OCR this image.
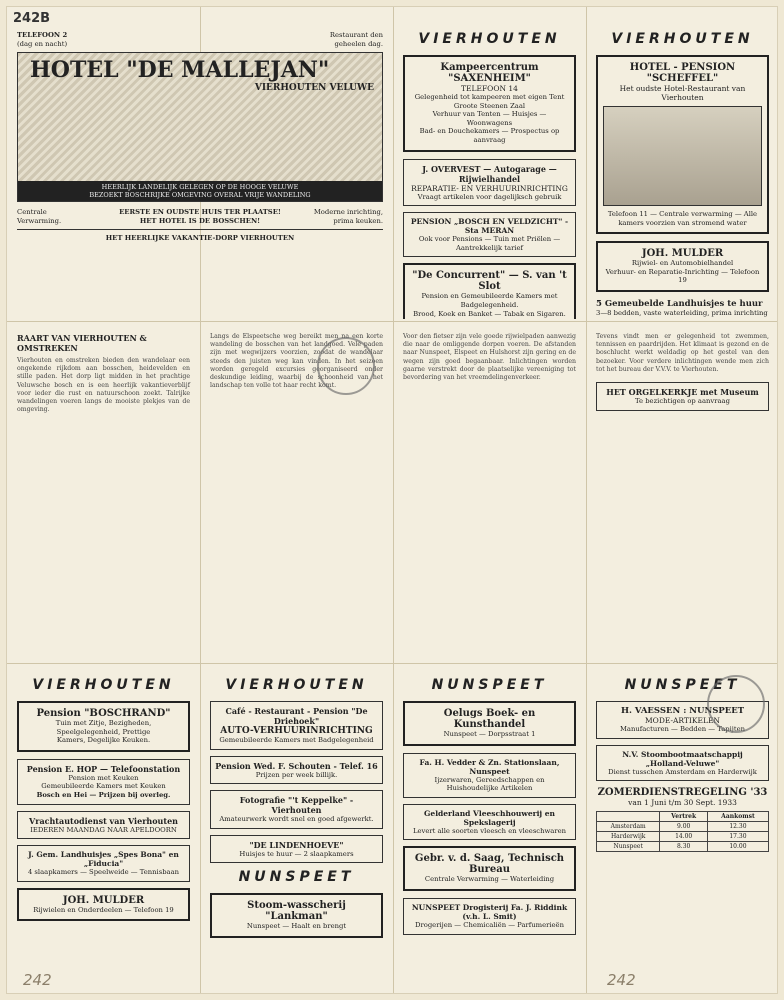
242B
TELEFOON 2
(dag en nacht)
Restaurant den
geheelen dag.
HOTEL "DE MALLEJAN"
VIERHOUTEN VELUWE
HEERLIJK LANDELIJK GELEGEN OP DE HOOGE VELUWE
BEZOEKT BOSCHRIJKE OMGEVING OVERAL VRIJE WANDELING
Centrale Verwarming.
EERSTE EN OUDSTE HUIS TER PLAATSE!
HET HOTEL IS DE BOSSCHEN!
Moderne inrichting, prima keuken.
HET HEERLIJKE VAKANTIE-DORP VIERHOUTEN
VIERHOUTEN
Kampeercentrum "SAXENHEIM"
TELEFOON 14
Gelegenheid tot kampeeren met eigen Tent
Groote Steenen Zaal
Verhuur van Tenten — Huisjes — Woonwagens
Bad- en Douchekamers — Prospectus op aanvraag
J. OVERVEST — Autogarage — Rijwielhandel
REPARATIE- EN VERHUURINRICHTING
Vraagt artikelen voor dagelijksch gebruik
PENSION „BOSCH EN VELDZICHT" - Sta MERAN
Ook voor Pensions — Tuin met Priëlen — Aantrekkelijk tarief
"De Concurrent" — S. van 't Slot
Pension en Gemeubileerde Kamers met Badgelegenheid.
Brood, Koek en Banket — Tabak en Sigaren.
VIERHOUTEN
HOTEL - PENSION "SCHEFFEL"
Het oudste Hotel-Restaurant van Vierhouten
Telefoon 11 — Centrale verwarming — Alle kamers voorzien van stromend water
JOH. MULDER
Rijwiel- en Automobielhandel
Verhuur- en Reparatie-Inrichting — Telefoon 19
5 Gemeubelde Landhuisjes te huur
3—8 bedden, vaste waterleiding, prima inrichting
RAART VAN VIERHOUTEN & OMSTREKEN
Vierhouten en omstreken bieden den wandelaar een ongekende rijkdom aan bosschen, heidevelden en stille paden. Het dorp ligt midden in het prachtige Veluwsche bosch en is een heerlijk vakantieverblijf voor ieder die rust en natuurschoon zoekt. Talrijke wandelingen voeren langs de mooiste plekjes van de omgeving.
Langs de Elspeetsche weg bereikt men na een korte wandeling de bosschen van het landgoed. Vele paden zijn met wegwijzers voorzien, zoodat de wandelaar steeds den juisten weg kan vinden. In het seizoen worden geregeld excursies georganiseerd onder deskundige leiding, waarbij de schoonheid van het landschap ten volle tot haar recht komt.
Voor den fietser zijn vele goede rijwielpaden aanwezig die naar de omliggende dorpen voeren. De afstanden naar Nunspeet, Elspeet en Hulshorst zijn gering en de wegen zijn goed begaanbaar. Inlichtingen worden gaarne verstrekt door de plaatselijke vereeniging tot bevordering van het vreemdelingenverkeer.
Tevens vindt men er gelegenheid tot zwemmen, tennissen en paardrijden. Het klimaat is gezond en de boschlucht werkt weldadig op het gestel van den bezoeker. Voor verdere inlichtingen wende men zich tot het bureau der V.V.V. te Vierhouten.
HET ORGELKERKJE met Museum
Te bezichtigen op aanvraag
VIERHOUTEN
Pension "BOSCHRAND"
Tuin met Zitje, Bezigheden,
Speelgelegenheid, Prettige
Kamers, Degelijke Keuken.
Pension E. HOP — Telefoonstation
Pension met Keuken
Gemeubileerde Kamers met Keuken
Bosch en Hei — Prijzen bij overleg.
Vrachtautodienst van Vierhouten
IEDEREN MAANDAG NAAR APELDOORN
J. Gem. Landhuisjes „Spes Bona" en „Fiducia"
4 slaapkamers — Speelweide — Tennisbaan
JOH. MULDER
Rijwielen en Onderdeelen — Telefoon 19
VIERHOUTEN
Café - Restaurant - Pension "De Driehoek"
AUTO-VERHUURINRICHTING
Gemeubileerde Kamers met Badgelegenheid
Pension Wed. F. Schouten - Telef. 16
Prijzen per week billijk.
Fotografie "'t Keppelke" - Vierhouten
Amateurwerk wordt snel en goed afgewerkt.
"DE LINDENHOEVE"
Huisjes te huur — 2 slaapkamers
NUNSPEET
Stoom-wasscherij "Lankman"
Nunspeet — Haalt en brengt
NUNSPEET
Oelugs Boek- en Kunsthandel
Nunspeet — Dorpsstraat 1
Fa. H. Vedder & Zn. Stationslaan, Nunspeet
Ijzerwaren, Gereedschappen en Huishoudelijke Artikelen
Gelderland Vleeschhouwerij en Spekslagerij
Levert alle soorten vleesch en vleeschwaren
Gebr. v. d. Saag, Technisch Bureau
Centrale Verwarming — Waterleiding
NUNSPEET Drogisterij Fa. J. Riddink (v.h. L. Smit)
Drogerijen — Chemicaliën — Parfumerieën
NUNSPEET
H. VAESSEN : NUNSPEET
MODE-ARTIKELEN
Manufacturen — Bedden — Tapijten
N.V. Stoombootmaatschappij „Holland-Veluwe"
Dienst tusschen Amsterdam en Harderwijk
ZOMERDIENSTREGELING '33
van 1 Juni t/m 30 Sept. 1933
	Vertrek	Aankomst
Amsterdam	9.00	12.30
Harderwijk	14.00	17.30
Nunspeet	8.30	10.00
242	242
